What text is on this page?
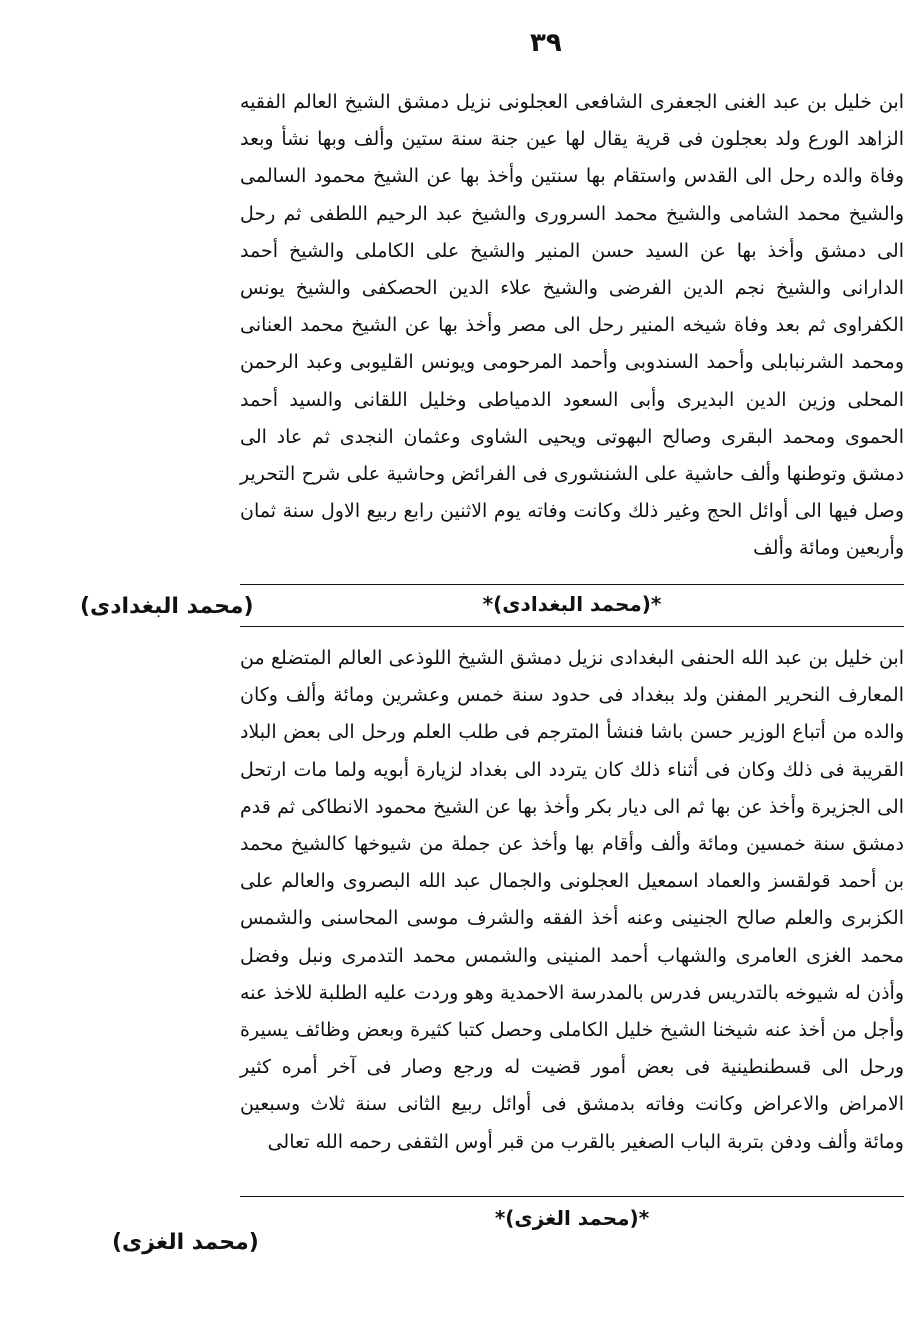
٣٩

ابن خليل بن عبد الغنى الجعفرى الشافعى العجلونى نزيل دمشق الشيخ العالم الفقيه الزاهد الورع ولد بعجلون فى قرية يقال لها عين جنة سنة ستين وألف وبها نشأ وبعد وفاة والده رحل الى القدس واستقام بها سنتين وأخذ بها عن الشيخ محمود السالمى والشيخ محمد الشامى والشيخ محمد السرورى والشيخ عبد الرحيم اللطفى ثم رحل الى دمشق وأخذ بها عن السيد حسن المنير والشيخ على الكاملى والشيخ أحمد الدارانى والشيخ نجم الدين الفرضى والشيخ علاء الدين الحصكفى والشيخ يونس الكفراوى ثم بعد وفاة شيخه المنير رحل الى مصر وأخذ بها عن الشيخ محمد العنانى ومحمد الشرنبابلى وأحمد السندوبى وأحمد المرحومى ويونس القليوبى وعبد الرحمن المحلى وزين الدين البديرى وأبى السعود الدمياطى وخليل اللقانى والسيد أحمد الحموى ومحمد البقرى وصالح البهوتى ويحيى الشاوى وعثمان النجدى ثم عاد الى دمشق وتوطنها وألف حاشية على الشنشورى فى الفرائض وحاشية على شرح التحرير وصل فيها الى أوائل الحج وغير ذلك وكانت وفاته يوم الاثنين رابع ربيع الاول سنة ثمان وأربعين ومائة وألف

*(محمد البغدادى)*
(محمد البغدادى)

ابن خليل بن عبد الله الحنفى البغدادى نزيل دمشق الشيخ اللوذعى العالم المتضلع من المعارف النحرير المفنن ولد ببغداد فى حدود سنة خمس وعشرين ومائة وألف وكان والده من أتباع الوزير حسن باشا فنشأ المترجم فى طلب العلم ورحل الى بعض البلاد القريبة فى ذلك وكان فى أثناء ذلك كان يتردد الى بغداد لزيارة أبويه ولما مات ارتحل الى الجزيرة وأخذ عن بها ثم الى ديار بكر وأخذ بها عن الشيخ محمود الانطاكى ثم قدم دمشق سنة خمسين ومائة وألف وأقام بها وأخذ عن جملة من شيوخها كالشيخ محمد بن أحمد قولقسز والعماد اسمعيل العجلونى والجمال عبد الله البصروى والعالم على الكزبرى والعلم صالح الجنينى وعنه أخذ الفقه والشرف موسى المحاسنى والشمس محمد الغزى العامرى والشهاب أحمد المنينى والشمس محمد التدمرى ونبل وفضل وأذن له شيوخه بالتدريس فدرس بالمدرسة الاحمدية وهو وردت عليه الطلبة للاخذ عنه وأجل من أخذ عنه شيخنا الشيخ خليل الكاملى وحصل كتبا كثيرة وبعض وظائف يسيرة ورحل الى قسطنطينية فى بعض أمور قضيت له ورجع وصار فى آخر أمره كثير الامراض والاعراض وكانت وفاته بدمشق فى أوائل ربيع الثانى سنة ثلاث وسبعين ومائة وألف ودفن بتربة الباب الصغير بالقرب من قبر أوس الثقفى رحمه الله تعالى

*(محمد الغزى)*
(محمد الغزى)
